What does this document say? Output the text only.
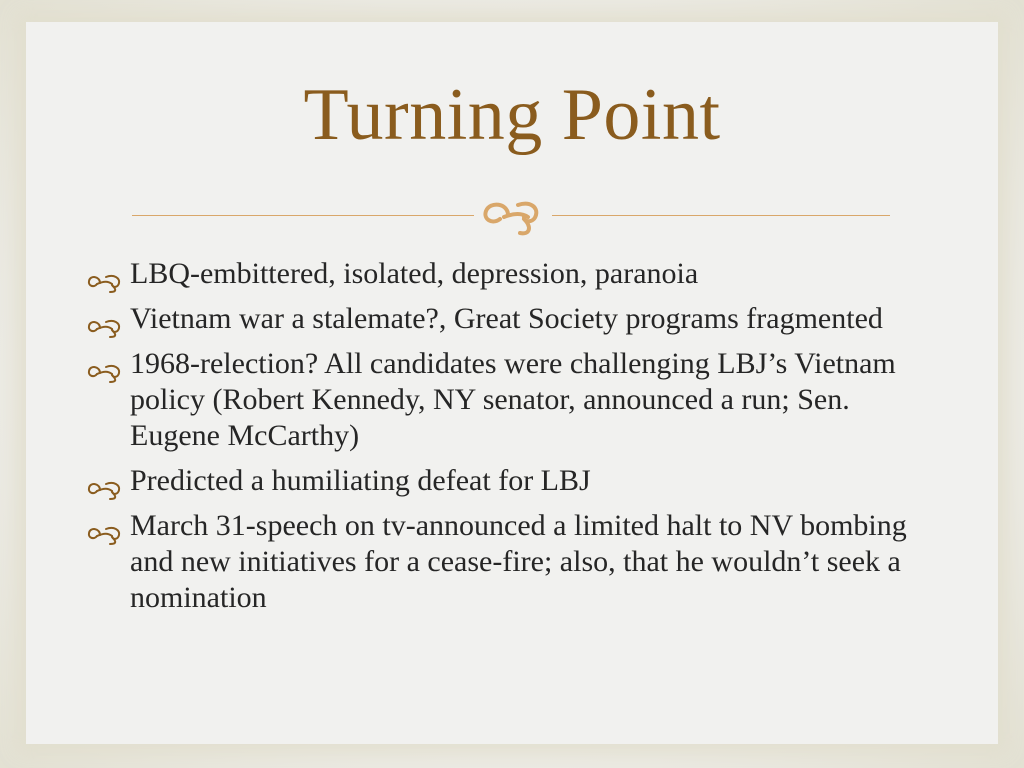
Turning Point
LBQ-embittered, isolated, depression, paranoia
Vietnam war a stalemate?, Great Society programs fragmented
1968-relection? All candidates were challenging LBJ’s Vietnam policy (Robert Kennedy, NY senator, announced a run; Sen. Eugene McCarthy)
Predicted a humiliating defeat for LBJ
March 31-speech on tv-announced a limited halt to NV bombing and new initiatives for a cease-fire; also, that he wouldn’t seek a nomination
